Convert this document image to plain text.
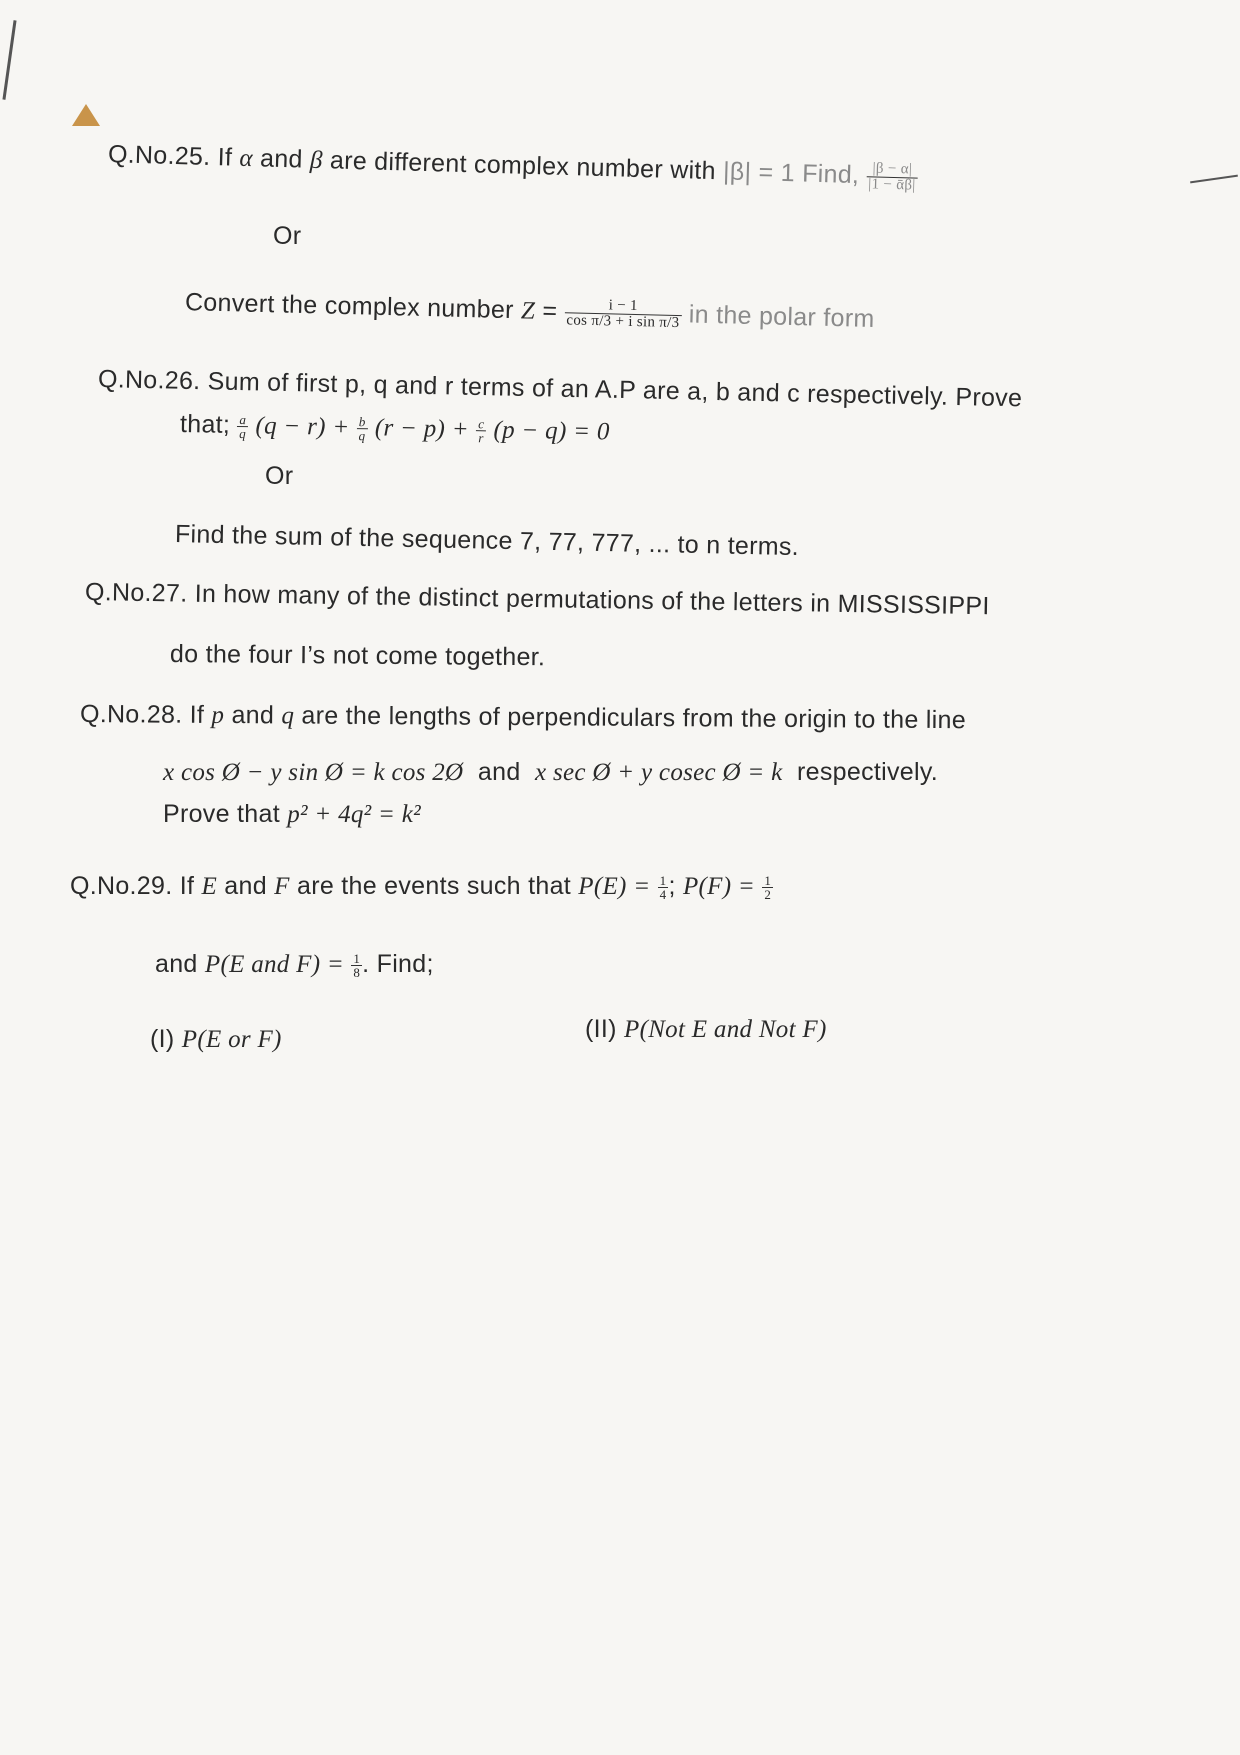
Q.No.25. If α and β are different complex number with |β| = 1 Find, $\frac{|\beta - \alpha|}{\text{|1 − ᾱβ|}}$
Or
Convert the complex number $Z = \frac{i - 1}{\text{cos π/3 + i sin π/3}}$ in the polar form
Q.No.26. Sum of first p, q and r terms of an A.P are a, b and c respectively. Prove
that; $\frac{a}{q} (q - r) + \frac{b}{q} (r - p) + \frac{c}{r} (p - q) = 0$
Or
Find the sum of the sequence 7, 77, 777, ... to n terms.
Q.No.27. In how many of the distinct permutations of the letters in MISSISSIPPI
do the four I’s not come together.
Q.No.28. If p and q are the lengths of perpendiculars from the origin to the line
x cos Ø − y sin Ø = k cos 2Ø and x sec Ø + y cosec Ø = k respectively.
Prove that p² + 4q² = k²
Q.No.29. If E and F are the events such that $P(E) = \frac{1}{4}$ ; $P(F) = \frac{1}{2}$
and P(E and $F) = \frac{1}{8}$ . Find;
(I) P(E or F)	(II) P(Not E and Not F)
